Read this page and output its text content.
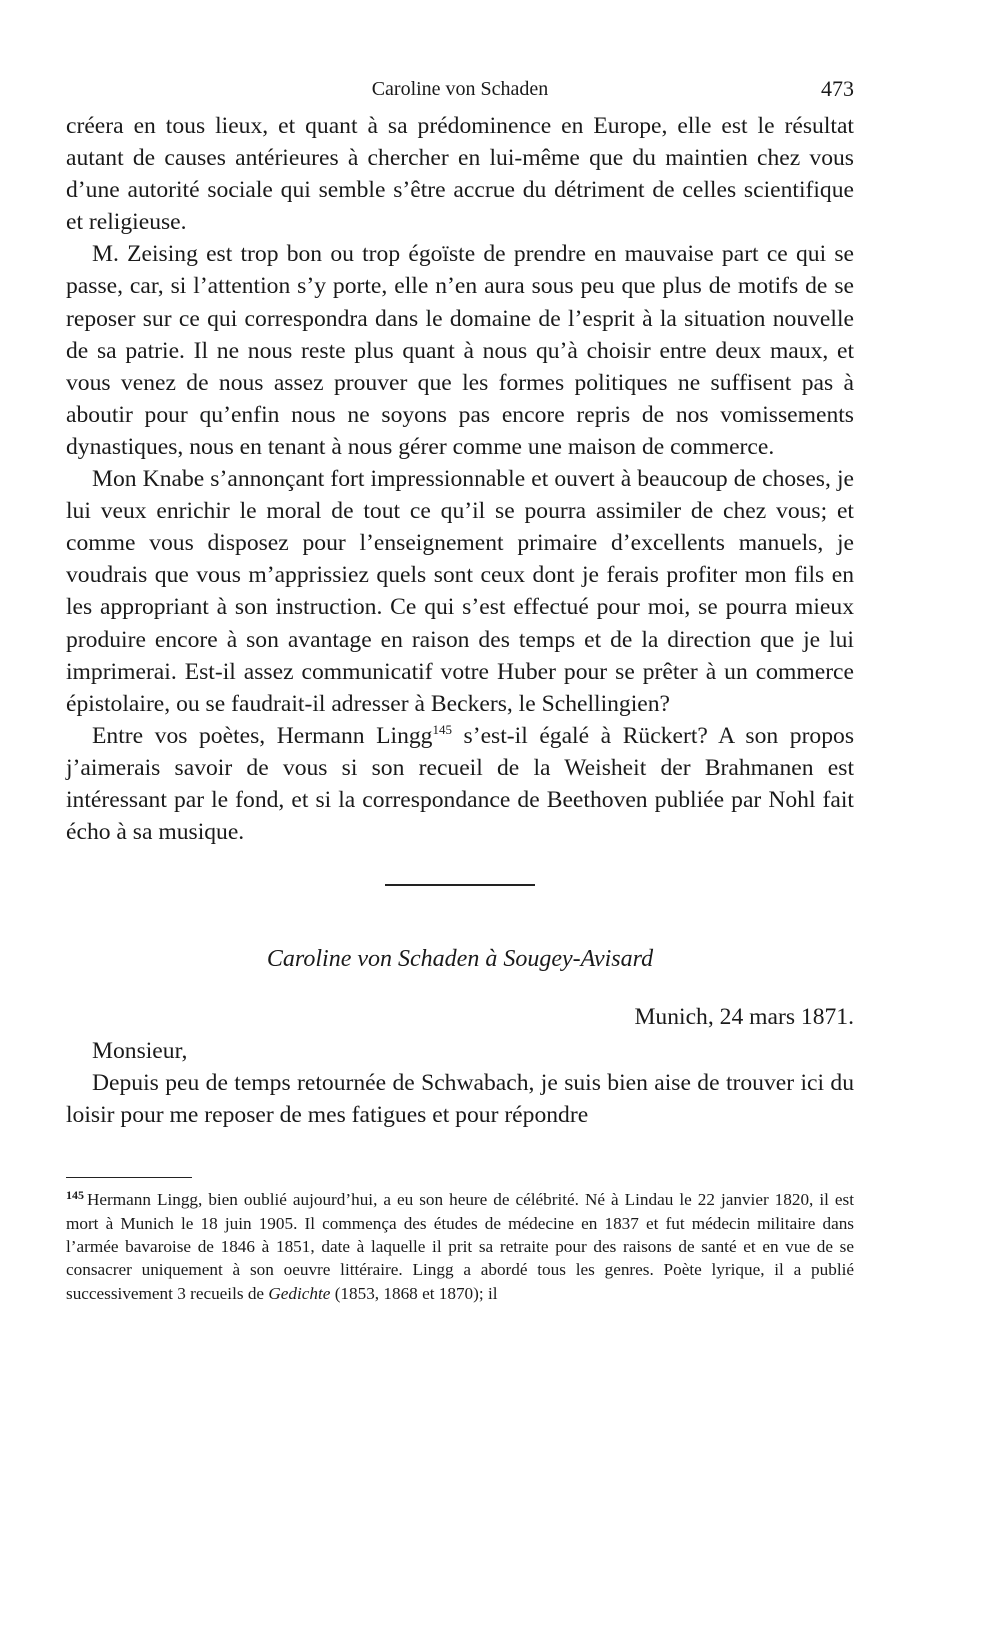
Caroline von Schaden	473

créera en tous lieux, et quant à sa prédominence en Europe, elle est le résultat autant de causes antérieures à chercher en lui-même que du maintien chez vous d’une autorité sociale qui semble s’être accrue du détriment de celles scientifique et religieuse.

M. Zeising est trop bon ou trop égoïste de prendre en mauvaise part ce qui se passe, car, si l’attention s’y porte, elle n’en aura sous peu que plus de motifs de se reposer sur ce qui correspondra dans le domaine de l’esprit à la situation nouvelle de sa patrie. Il ne nous reste plus quant à nous qu’à choisir entre deux maux, et vous venez de nous assez prouver que les formes politiques ne suffisent pas à aboutir pour qu’enfin nous ne soyons pas encore repris de nos vomissements dynastiques, nous en tenant à nous gérer comme une maison de commerce.

Mon Knabe s’annonçant fort impressionnable et ouvert à beaucoup de choses, je lui veux enrichir le moral de tout ce qu’il se pourra assimiler de chez vous; et comme vous disposez pour l’enseignement primaire d’excellents manuels, je voudrais que vous m’apprissiez quels sont ceux dont je ferais profiter mon fils en les appropriant à son instruction. Ce qui s’est effectué pour moi, se pourra mieux produire encore à son avantage en raison des temps et de la direction que je lui imprimerai. Est-il assez communicatif votre Huber pour se prêter à un commerce épistolaire, ou se faudrait-il adresser à Beckers, le Schellingien?

Entre vos poètes, Hermann Lingg$^{145}$ s’est-il égalé à Rückert? A son propos j’aimerais savoir de vous si son recueil de la Weisheit der Brahmanen est intéressant par le fond, et si la correspondance de Beethoven publiée par Nohl fait écho à sa musique.

Caroline von Schaden à Sougey-Avisard
Munich, 24 mars 1871.
Monsieur,

Depuis peu de temps retournée de Schwabach, je suis bien aise de trouver ici du loisir pour me reposer de mes fatigues et pour répondre

$^{145}$ Hermann Lingg, bien oublié aujourd’hui, a eu son heure de célébrité. Né à Lindau le 22 janvier 1820, il est mort à Munich le 18 juin 1905. Il commença des études de médecine en 1837 et fut médecin militaire dans l’armée bavaroise de 1846 à 1851, date à laquelle il prit sa retraite pour des raisons de santé et en vue de se consacrer uniquement à son oeuvre littéraire. Lingg a abordé tous les genres. Poète lyrique, il a publié successivement 3 recueils de Gedichte (1853, 1868 et 1870); il
